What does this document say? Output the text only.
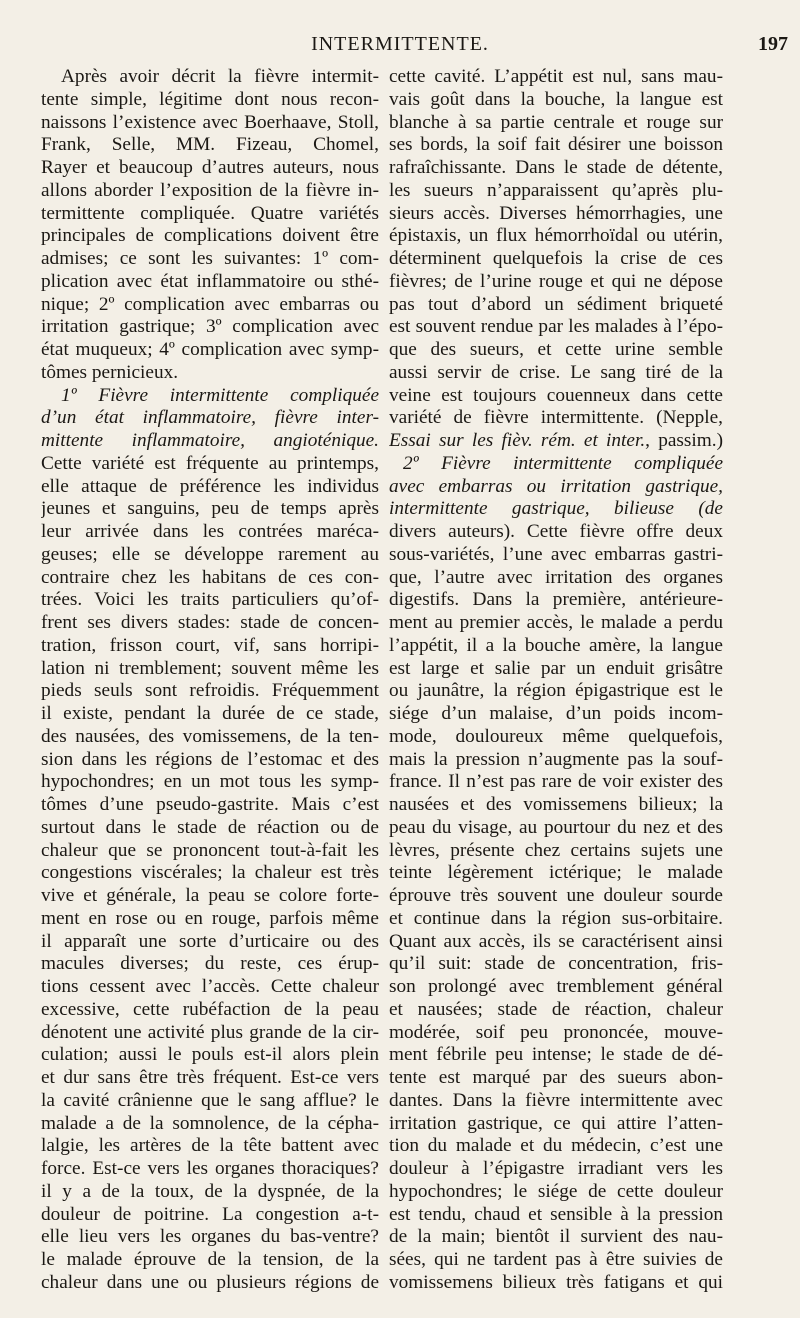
INTERMITTENTE.	197
Après avoir décrit la fièvre intermit-
tente simple, légitime dont nous recon-
naissons l’existence avec Boerhaave, Stoll,
Frank, Selle, MM. Fizeau, Chomel,
Rayer et beaucoup d’autres auteurs, nous
allons aborder l’exposition de la fièvre in-
termittente compliquée. Quatre variétés
principales de complications doivent être
admises; ce sont les suivantes: 1º com-
plication avec état inflammatoire ou sthé-
nique; 2º complication avec embarras ou
irritation gastrique; 3º complication avec
état muqueux; 4º complication avec symp-
tômes pernicieux.
1º Fièvre intermittente compliquée
d’un état inflammatoire, fièvre inter-
mittente inflammatoire, angioténique.
Cette variété est fréquente au printemps,
elle attaque de préférence les individus
jeunes et sanguins, peu de temps après
leur arrivée dans les contrées maréca-
geuses; elle se développe rarement au
contraire chez les habitans de ces con-
trées. Voici les traits particuliers qu’of-
frent ses divers stades: stade de concen-
tration, frisson court, vif, sans horripi-
lation ni tremblement; souvent même les
pieds seuls sont refroidis. Fréquemment
il existe, pendant la durée de ce stade,
des nausées, des vomissemens, de la ten-
sion dans les régions de l’estomac et des
hypochondres; en un mot tous les symp-
tômes d’une pseudo-gastrite. Mais c’est
surtout dans le stade de réaction ou de
chaleur que se prononcent tout-à-fait les
congestions viscérales; la chaleur est très
vive et générale, la peau se colore forte-
ment en rose ou en rouge, parfois même
il apparaît une sorte d’urticaire ou des
macules diverses; du reste, ces érup-
tions cessent avec l’accès. Cette chaleur
excessive, cette rubéfaction de la peau
dénotent une activité plus grande de la cir-
culation; aussi le pouls est-il alors plein
et dur sans être très fréquent. Est-ce vers
la cavité crânienne que le sang afflue? le
malade a de la somnolence, de la cépha-
lalgie, les artères de la tête battent avec
force. Est-ce vers les organes thoraciques?
il y a de la toux, de la dyspnée, de la
douleur de poitrine. La congestion a-t-
elle lieu vers les organes du bas-ventre?
le malade éprouve de la tension, de la
chaleur dans une ou plusieurs régions de
cette cavité. L’appétit est nul, sans mau-
vais goût dans la bouche, la langue est
blanche à sa partie centrale et rouge sur
ses bords, la soif fait désirer une boisson
rafraîchissante. Dans le stade de détente,
les sueurs n’apparaissent qu’après plu-
sieurs accès. Diverses hémorrhagies, une
épistaxis, un flux hémorrhoïdal ou utérin,
déterminent quelquefois la crise de ces
fièvres; de l’urine rouge et qui ne dépose
pas tout d’abord un sédiment briqueté
est souvent rendue par les malades à l’épo-
que des sueurs, et cette urine semble
aussi servir de crise. Le sang tiré de la
veine est toujours couenneux dans cette
variété de fièvre intermittente. (Nepple,
Essai sur les fièv. rém. et inter., passim.)
2º Fièvre intermittente compliquée
avec embarras ou irritation gastrique,
intermittente gastrique, bilieuse (de
divers auteurs). Cette fièvre offre deux
sous-variétés, l’une avec embarras gastri-
que, l’autre avec irritation des organes
digestifs. Dans la première, antérieure-
ment au premier accès, le malade a perdu
l’appétit, il a la bouche amère, la langue
est large et salie par un enduit grisâtre
ou jaunâtre, la région épigastrique est le
siége d’un malaise, d’un poids incom-
mode, douloureux même quelquefois,
mais la pression n’augmente pas la souf-
france. Il n’est pas rare de voir exister des
nausées et des vomissemens bilieux; la
peau du visage, au pourtour du nez et des
lèvres, présente chez certains sujets une
teinte légèrement ictérique; le malade
éprouve très souvent une douleur sourde
et continue dans la région sus-orbitaire.
Quant aux accès, ils se caractérisent ainsi
qu’il suit: stade de concentration, fris-
son prolongé avec tremblement général
et nausées; stade de réaction, chaleur
modérée, soif peu prononcée, mouve-
ment fébrile peu intense; le stade de dé-
tente est marqué par des sueurs abon-
dantes. Dans la fièvre intermittente avec
irritation gastrique, ce qui attire l’atten-
tion du malade et du médecin, c’est une
douleur à l’épigastre irradiant vers les
hypochondres; le siége de cette douleur
est tendu, chaud et sensible à la pression
de la main; bientôt il survient des nau-
sées, qui ne tardent pas à être suivies de
vomissemens bilieux très fatigans et qui
